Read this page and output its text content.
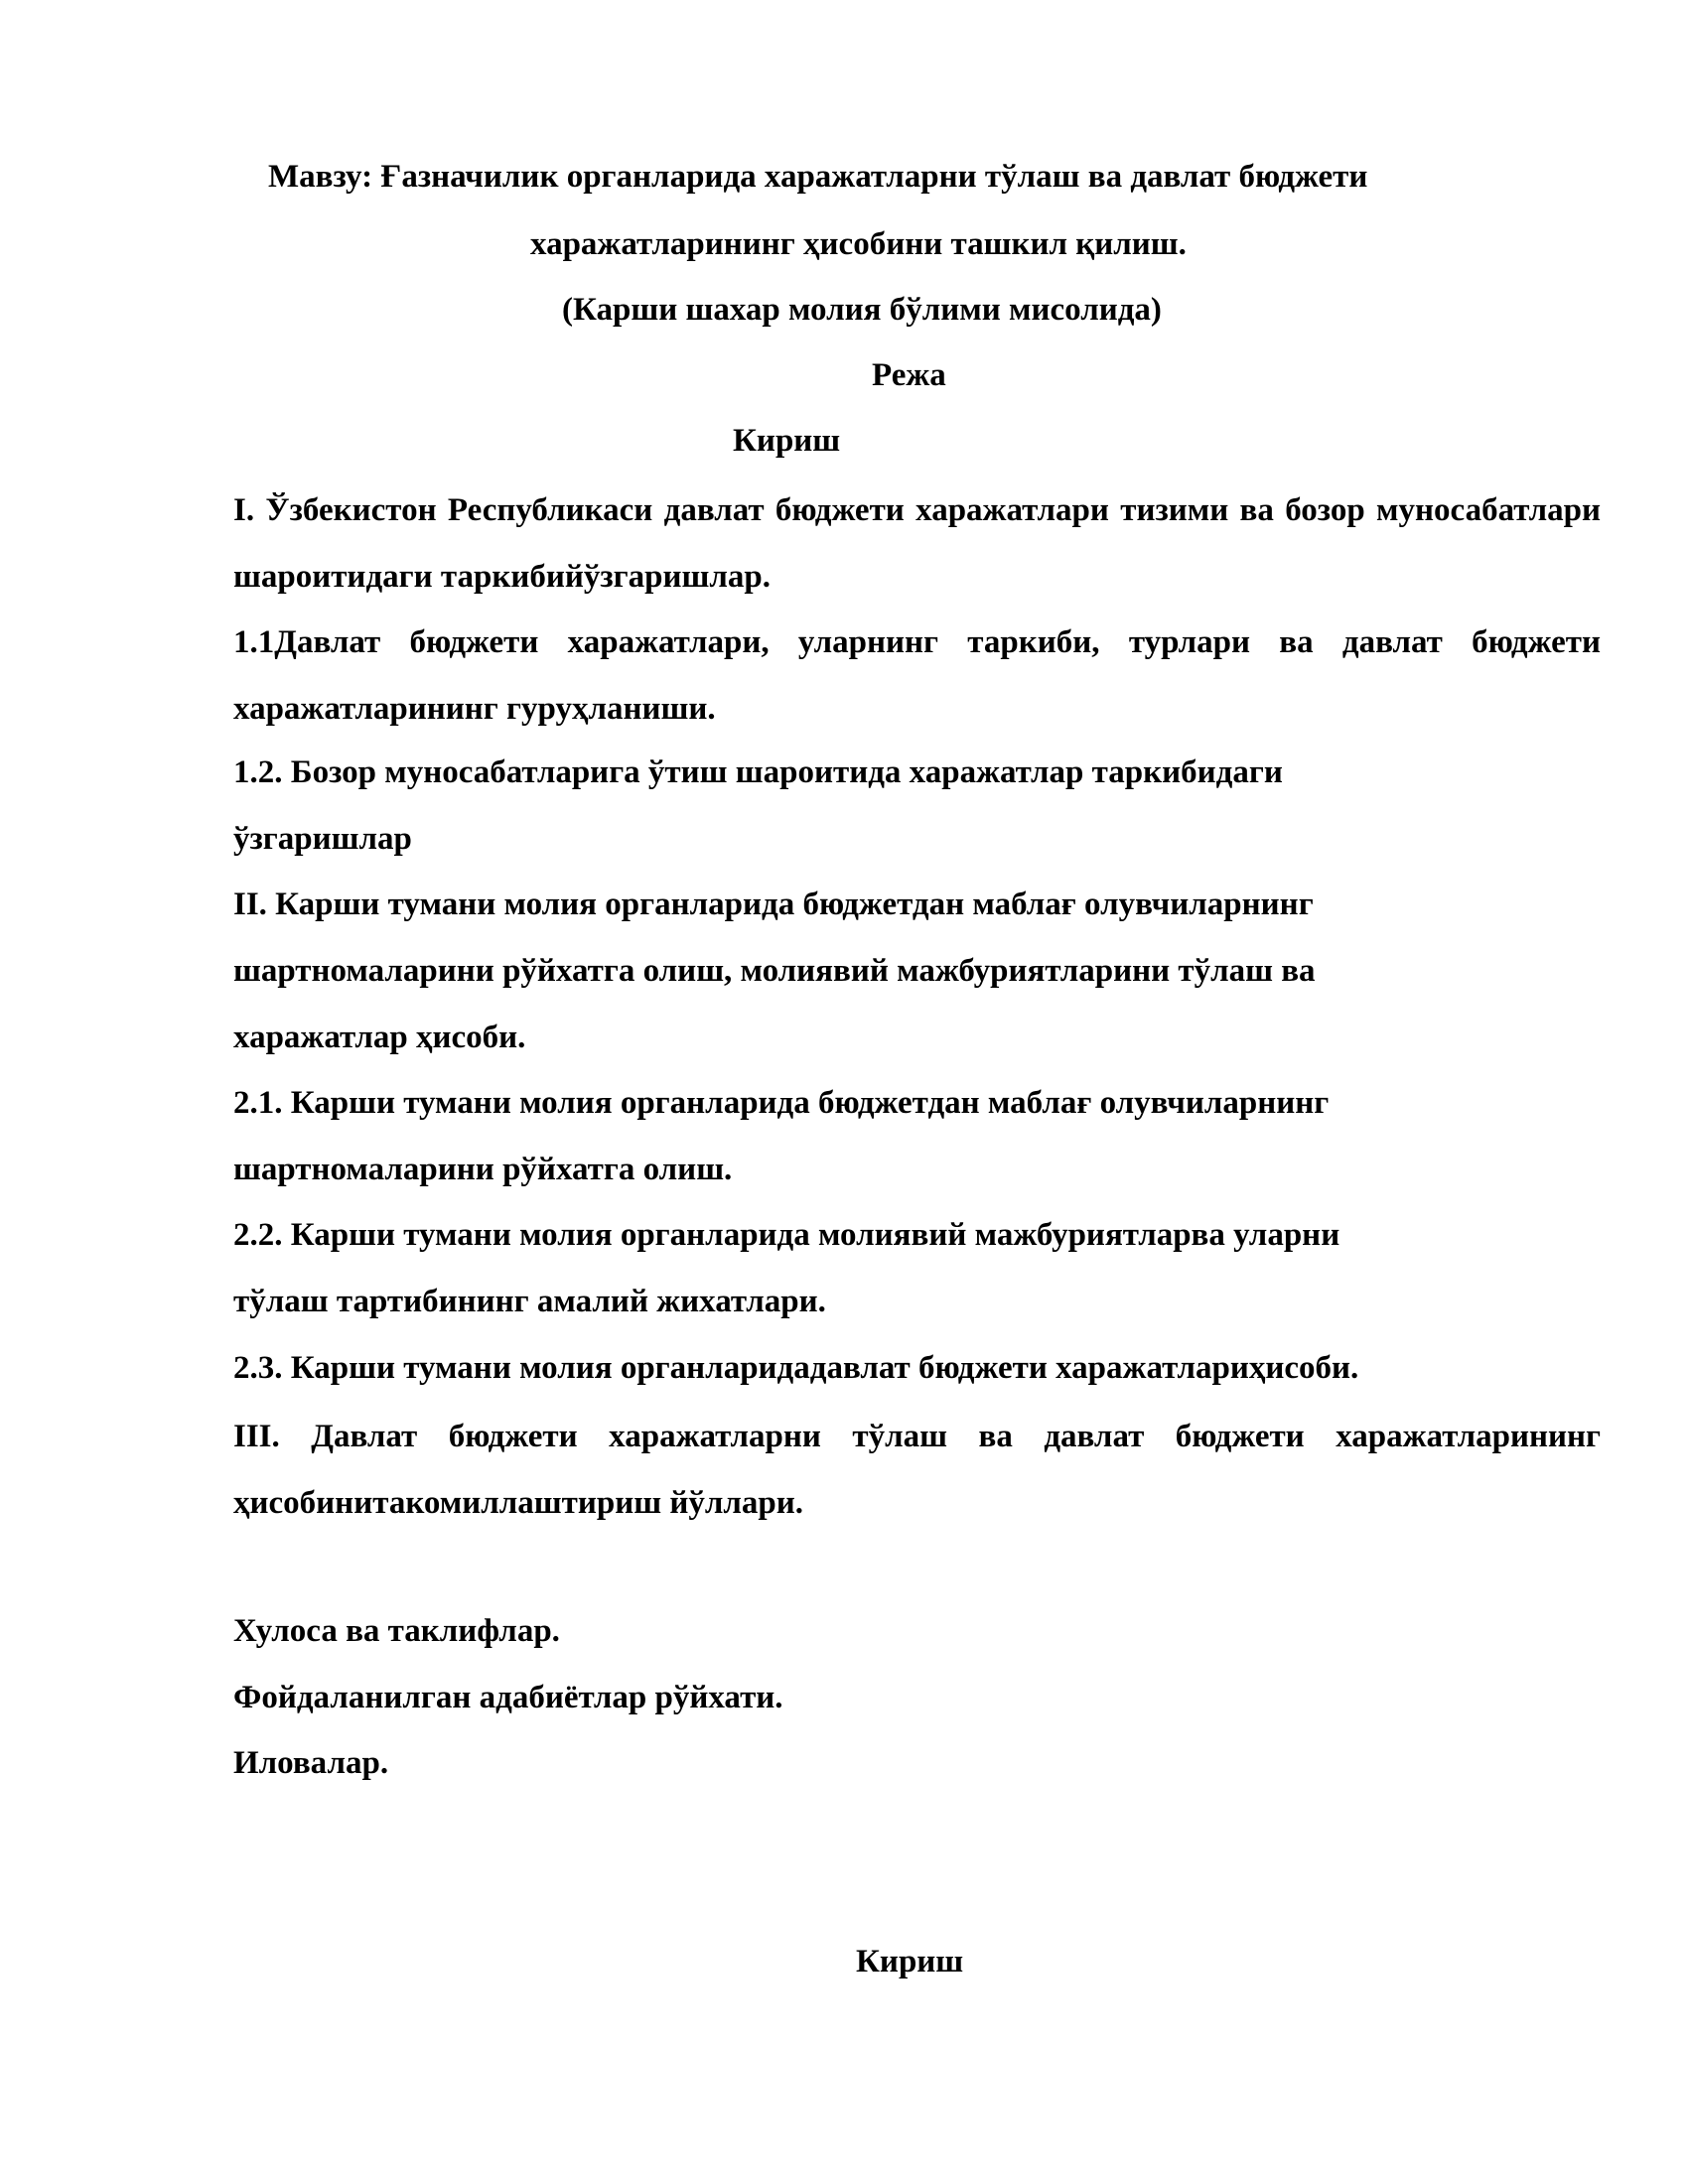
Мавзу: Ғазначилик органларида харажатларни тўлаш ва давлат бюджети

харажатларининг ҳисобини ташкил қилиш.

(Карши шахар молия бўлими мисолида)

Режа

Кириш

I. Ўзбекистон Республикаси давлат бюджети харажатлари тизими ва бозор муносабатлари шароитидаги таркибийўзгаришлар.

1.1Давлат бюджети харажатлари, уларнинг таркиби, турлари ва давлат бюджети харажатларининг гуруҳланиши.

1.2. Бозор муносабатларига ўтиш шароитида харажатлар таркибидаги

ўзгаришлар

II. Карши тумани молия органларида бюджетдан маблағ олувчиларнинг

шартномаларини рўйхатга олиш, молиявий мажбуриятларини тўлаш ва

харажатлар ҳисоби.

2.1. Карши тумани молия органларида бюджетдан маблағ олувчиларнинг

шартномаларини рўйхатга олиш.

2.2. Карши тумани молия органларида молиявий мажбуриятларва уларни

тўлаш тартибининг амалий жихатлари.

2.3. Карши тумани молия органларидадавлат бюджети харажатлариҳисоби.

III. Давлат бюджети харажатларни тўлаш ва давлат бюджети харажатларининг ҳисобинитакомиллаштириш йўллари.

Хулоса ва таклифлар.

Фойдаланилган адабиётлар рўйхати.

Иловалар.

Кириш
